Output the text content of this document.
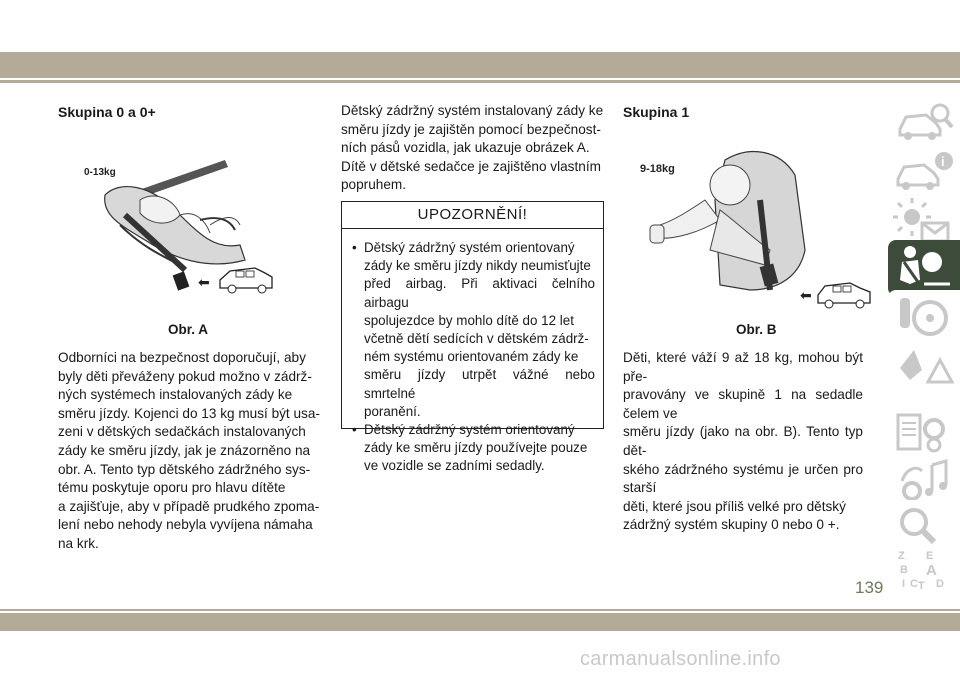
Skupina 0 a 0+
0-13kg
⬅
Obr. A
Odborníci na bezpečnost doporučují, aby
byly děti převáženy pokud možno v zádrž-
ných systémech instalovaných zády ke
směru jízdy. Kojenci do 13 kg musí být usa-
zeni v dětských sedačkách instalovaných
zády ke směru jízdy, jak je znázorněno na
obr. A. Tento typ dětského zádržného sys-
tému poskytuje oporu pro hlavu dítěte
a zajišťuje, aby v případě prudkého zpoma-
lení nebo nehody nebyla vyvíjena námaha
na krk.
Dětský zádržný systém instalovaný zády ke
směru jízdy je zajištěn pomocí bezpečnost-
ních pásů vozidla, jak ukazuje obrázek A.
Dítě v dětské sedačce je zajištěno vlastním
popruhem.
UPOZORNĚNÍ!
• Dětský zádržný systém orientovaný
zády ke směru jízdy nikdy neumisťujte
před airbag. Při aktivaci čelního airbagu
spolujezdce by mohlo dítě do 12 let
včetně dětí sedících v dětském zádrž-
ném systému orientovaném zády ke
směru jízdy utrpět vážné nebo smrtelné
poranění.
• Dětský zádržný systém orientovaný
zády ke směru jízdy používejte pouze
ve vozidle se zadními sedadly.
Skupina 1
9-18kg
⬅
Obr. B
Děti, které váží 9 až 18 kg, mohou být pře-
pravovány ve skupině 1 na sedadle čelem ve
směru jízdy (jako na obr. B). Tento typ dět-
ského zádržného systému je určen pro starší
děti, které jsou příliš velké pro dětský
zádržný systém skupiny 0 nebo 0 +.
i
Z E
B A
I C T D
139
carmanualsonline.info
